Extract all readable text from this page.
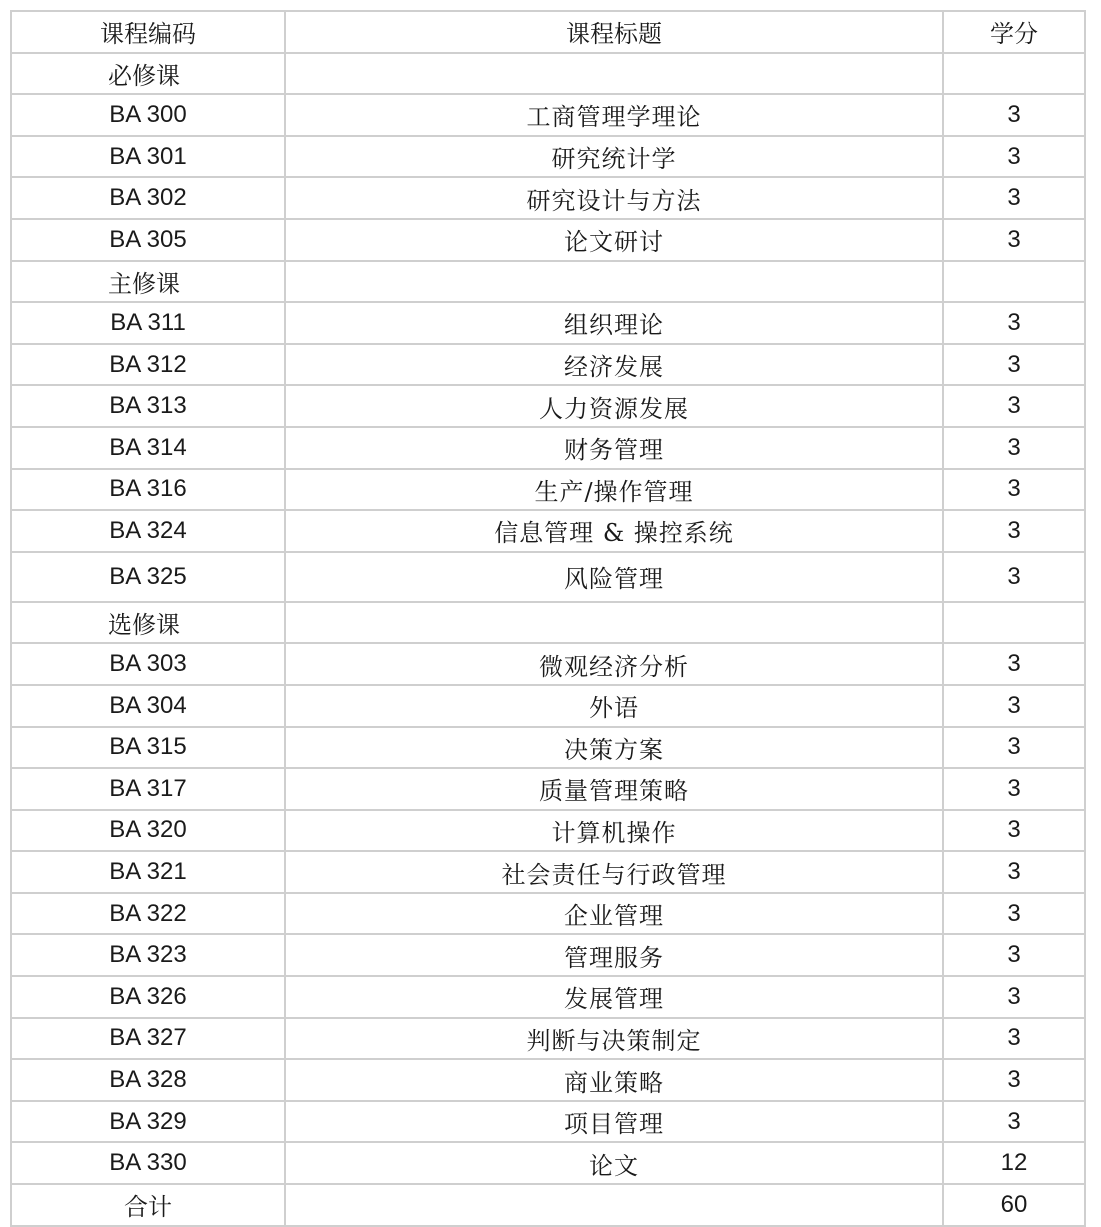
课程编码	课程标题	学分
必修课		
BA 300	工商管理学理论	3
BA 301	研究统计学	3
BA 302	研究设计与方法	3
BA 305	论文研讨	3
主修课		
BA 311	组织理论	3
BA 312	经济发展	3
BA 313	人力资源发展	3
BA 314	财务管理	3
BA 316	生产/操作管理	3
BA 324	信息管理 & 操控系统	3
BA 325	风险管理	3
选修课		
BA 303	微观经济分析	3
BA 304	外语	3
BA 315	决策方案	3
BA 317	质量管理策略	3
BA 320	计算机操作	3
BA 321	社会责任与行政管理	3
BA 322	企业管理	3
BA 323	管理服务	3
BA 326	发展管理	3
BA 327	判断与决策制定	3
BA 328	商业策略	3
BA 329	项目管理	3
BA 330	论文	12
合计		60
